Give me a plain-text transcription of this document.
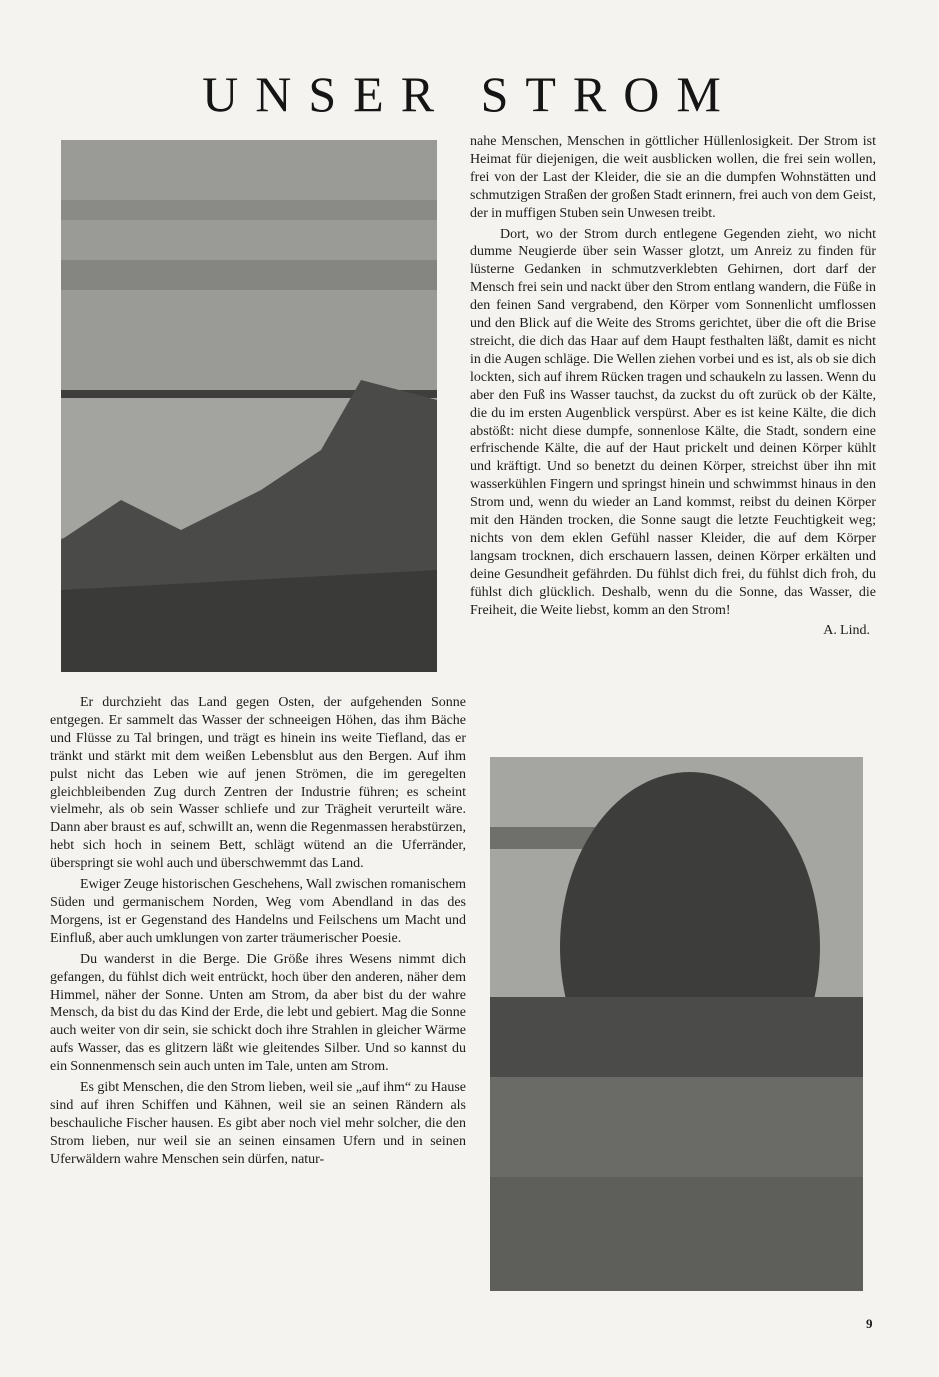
UNSER STROM

Er durchzieht das Land gegen Osten, der aufgehenden Sonne entgegen. Er sammelt das Wasser der schneeigen Höhen, das ihm Bäche und Flüsse zu Tal bringen, und trägt es hinein ins weite Tiefland, das er tränkt und stärkt mit dem weißen Lebensblut aus den Bergen. Auf ihm pulst nicht das Leben wie auf jenen Strömen, die im geregelten gleichbleibenden Zug durch Zentren der Industrie führen; es scheint vielmehr, als ob sein Wasser schliefe und zur Trägheit verurteilt wäre. Dann aber braust es auf, schwillt an, wenn die Regenmassen herabstürzen, hebt sich hoch in seinem Bett, schlägt wütend an die Uferränder, überspringt sie wohl auch und überschwemmt das Land.

Ewiger Zeuge historischen Geschehens, Wall zwischen romanischem Süden und germanischem Norden, Weg vom Abendland in das des Morgens, ist er Gegenstand des Handelns und Feilschens um Macht und Einfluß, aber auch umklungen von zarter träumerischer Poesie.

Du wanderst in die Berge. Die Größe ihres Wesens nimmt dich gefangen, du fühlst dich weit entrückt, hoch über den anderen, näher dem Himmel, näher der Sonne. Unten am Strom, da aber bist du der wahre Mensch, da bist du das Kind der Erde, die lebt und gebiert. Mag die Sonne auch weiter von dir sein, sie schickt doch ihre Strahlen in gleicher Wärme aufs Wasser, das es glitzern läßt wie gleitendes Silber. Und so kannst du ein Sonnenmensch sein auch unten im Tale, unten am Strom.

Es gibt Menschen, die den Strom lieben, weil sie „auf ihm“ zu Hause sind auf ihren Schiffen und Kähnen, weil sie an seinen Rändern als beschauliche Fischer hausen. Es gibt aber noch viel mehr solcher, die den Strom lieben, nur weil sie an seinen einsamen Ufern und in seinen Uferwäldern wahre Menschen sein dürfen, natur-

nahe Menschen, Menschen in göttlicher Hüllenlosigkeit. Der Strom ist Heimat für diejenigen, die weit ausblicken wollen, die frei sein wollen, frei von der Last der Kleider, die sie an die dumpfen Wohnstätten und schmutzigen Straßen der großen Stadt erinnern, frei auch von dem Geist, der in muffigen Stuben sein Unwesen treibt.

Dort, wo der Strom durch entlegene Gegenden zieht, wo nicht dumme Neugierde über sein Wasser glotzt, um Anreiz zu finden für lüsterne Gedanken in schmutzverklebten Gehirnen, dort darf der Mensch frei sein und nackt über den Strom entlang wandern, die Füße in den feinen Sand vergrabend, den Körper vom Sonnenlicht umflossen und den Blick auf die Weite des Stroms gerichtet, über die oft die Brise streicht, die dich das Haar auf dem Haupt festhalten läßt, damit es nicht in die Augen schläge. Die Wellen ziehen vorbei und es ist, als ob sie dich lockten, sich auf ihrem Rücken tragen und schaukeln zu lassen. Wenn du aber den Fuß ins Wasser tauchst, da zuckst du oft zurück ob der Kälte, die du im ersten Augenblick verspürst. Aber es ist keine Kälte, die dich abstößt: nicht diese dumpfe, sonnenlose Kälte, die Stadt, sondern eine erfrischende Kälte, die auf der Haut prickelt und deinen Körper kühlt und kräftigt. Und so benetzt du deinen Körper, streichst über ihn mit wasserkühlen Fingern und springst hinein und schwimmst hinaus in den Strom und, wenn du wieder an Land kommst, reibst du deinen Körper mit den Händen trocken, die Sonne saugt die letzte Feuchtigkeit weg; nichts von dem eklen Gefühl nasser Kleider, die auf dem Körper langsam trocknen, dich erschauern lassen, deinen Körper erkälten und deine Gesundheit gefährden. Du fühlst dich frei, du fühlst dich froh, du fühlst dich glücklich. Deshalb, wenn du die Sonne, das Wasser, die Freiheit, die Weite liebst, komm an den Strom!

A. Lind.
9
